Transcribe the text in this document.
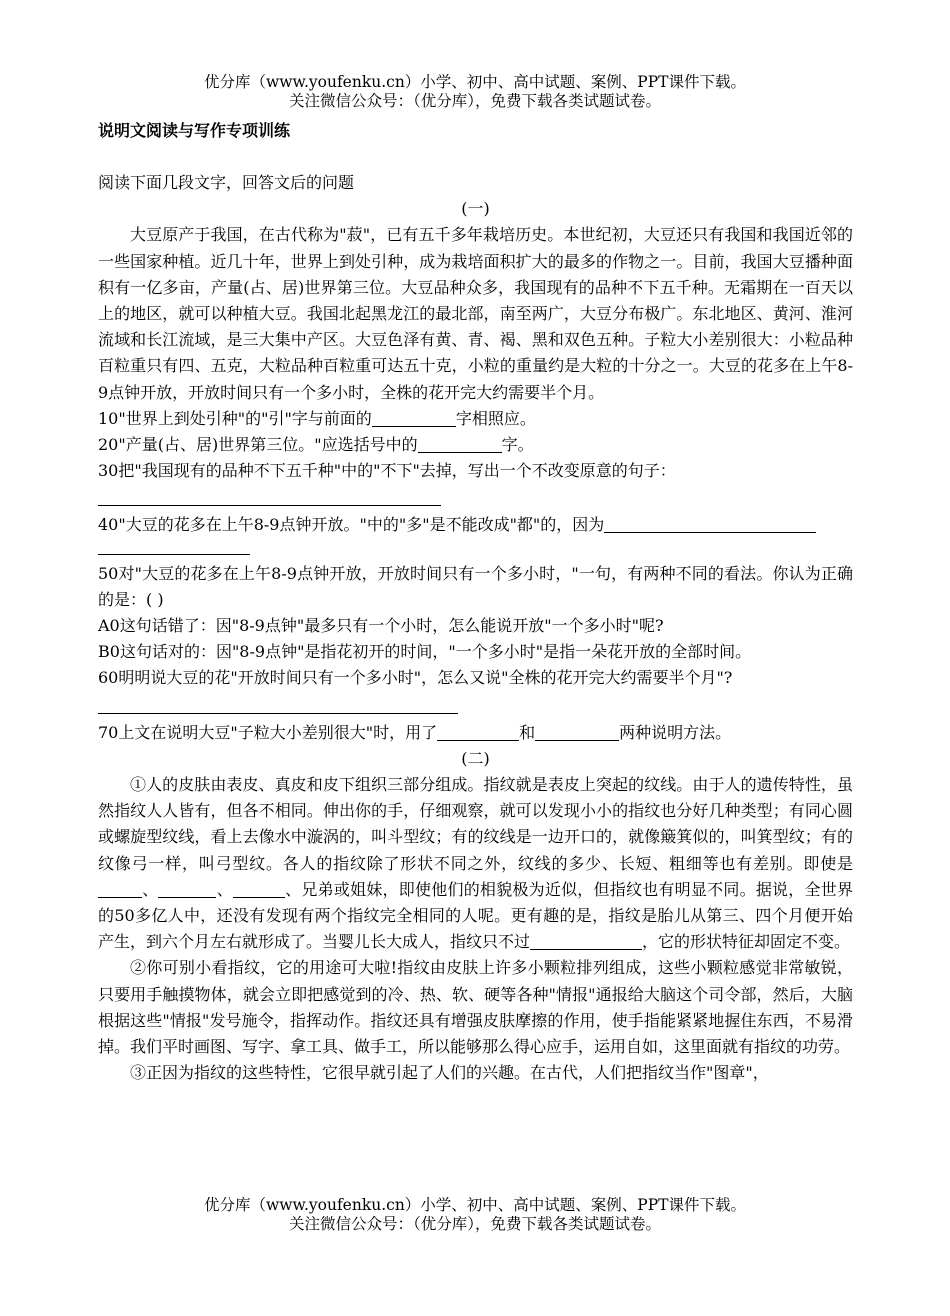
优分库（www.youfenku.cn）小学、初中、高中试题、案例、PPT课件下载。
关注微信公众号：（优分库），免费下载各类试题试卷。

说明文阅读与写作专项训练

阅读下面几段文字，回答文后的问题

(一)

大豆原产于我国，在古代称为"菽"，已有五千多年栽培历史。本世纪初，大豆还只有我国和我国近邻的一些国家种植。近几十年，世界上到处引种，成为栽培面积扩大的最多的作物之一。目前，我国大豆播种面积有一亿多亩，产量(占、居)世界第三位。大豆品种众多，我国现有的品种不下五千种。无霜期在一百天以上的地区，就可以种植大豆。我国北起黑龙江的最北部，南至两广，大豆分布极广。东北地区、黄河、淮河流域和长江流域，是三大集中产区。大豆色泽有黄、青、褐、黑和双色五种。子粒大小差别很大：小粒品种百粒重只有四、五克，大粒品种百粒重可达五十克，小粒的重量约是大粒的十分之一。大豆的花多在上午8-9点钟开放，开放时间只有一个多小时，全株的花开完大约需要半个月。

10"世界上到处引种"的"引"字与前面的	字相照应。

20"产量(占、居)世界第三位。"应选括号中的	字。

30把"我国现有的品种不下五千种"中的"不下"去掉，写出一个不改变原意的句子：

40"大豆的花多在上午8-9点钟开放。"中的"多"是不能改成"都"的，因为

50对"大豆的花多在上午8-9点钟开放，开放时间只有一个多小时，"一句，有两种不同的看法。你认为正确的是：( )

A0这句话错了：因"8-9点钟"最多只有一个小时，怎么能说开放"一个多小时"呢?

B0这句话对的：因"8-9点钟"是指花初开的时间，"一个多小时"是指一朵花开放的全部时间。

60明明说大豆的花"开放时间只有一个多小时"，怎么又说"全株的花开完大约需要半个月"?

70上文在说明大豆"子粒大小差别很大"时，用了	和	两种说明方法。

(二)

①人的皮肤由表皮、真皮和皮下组织三部分组成。指纹就是表皮上突起的纹线。由于人的遗传特性，虽然指纹人人皆有，但各不相同。伸出你的手，仔细观察，就可以发现小小的指纹也分好几种类型；有同心圆或螺旋型纹线，看上去像水中漩涡的，叫斗型纹；有的纹线是一边开口的，就像簸箕似的，叫箕型纹；有的纹像弓一样，叫弓型纹。各人的指纹除了形状不同之外，纹线的多少、长短、粗细等也有差别。即使是、	、	、兄弟或姐妹，即使他们的相貌极为近似，但指纹也有明显不同。据说，全世界的50多亿人中，还没有发现有两个指纹完全相同的人呢。更有趣的是，指纹是胎儿从第三、四个月便开始产生，到六个月左右就形成了。当婴儿长大成人，指纹只不过	，它的形状特征却固定不变。

②你可别小看指纹，它的用途可大啦!指纹由皮肤上许多小颗粒排列组成，这些小颗粒感觉非常敏锐，只要用手触摸物体，就会立即把感觉到的冷、热、软、硬等各种"情报"通报给大脑这个司令部，然后，大脑根据这些"情报"发号施令，指挥动作。指纹还具有增强皮肤摩擦的作用，使手指能紧紧地握住东西，不易滑掉。我们平时画图、写字、拿工具、做手工，所以能够那么得心应手，运用自如，这里面就有指纹的功劳。

③正因为指纹的这些特性，它很早就引起了人们的兴趣。在古代，人们把指纹当作"图章"，

优分库（www.youfenku.cn）小学、初中、高中试题、案例、PPT课件下载。
关注微信公众号：（优分库），免费下载各类试题试卷。
